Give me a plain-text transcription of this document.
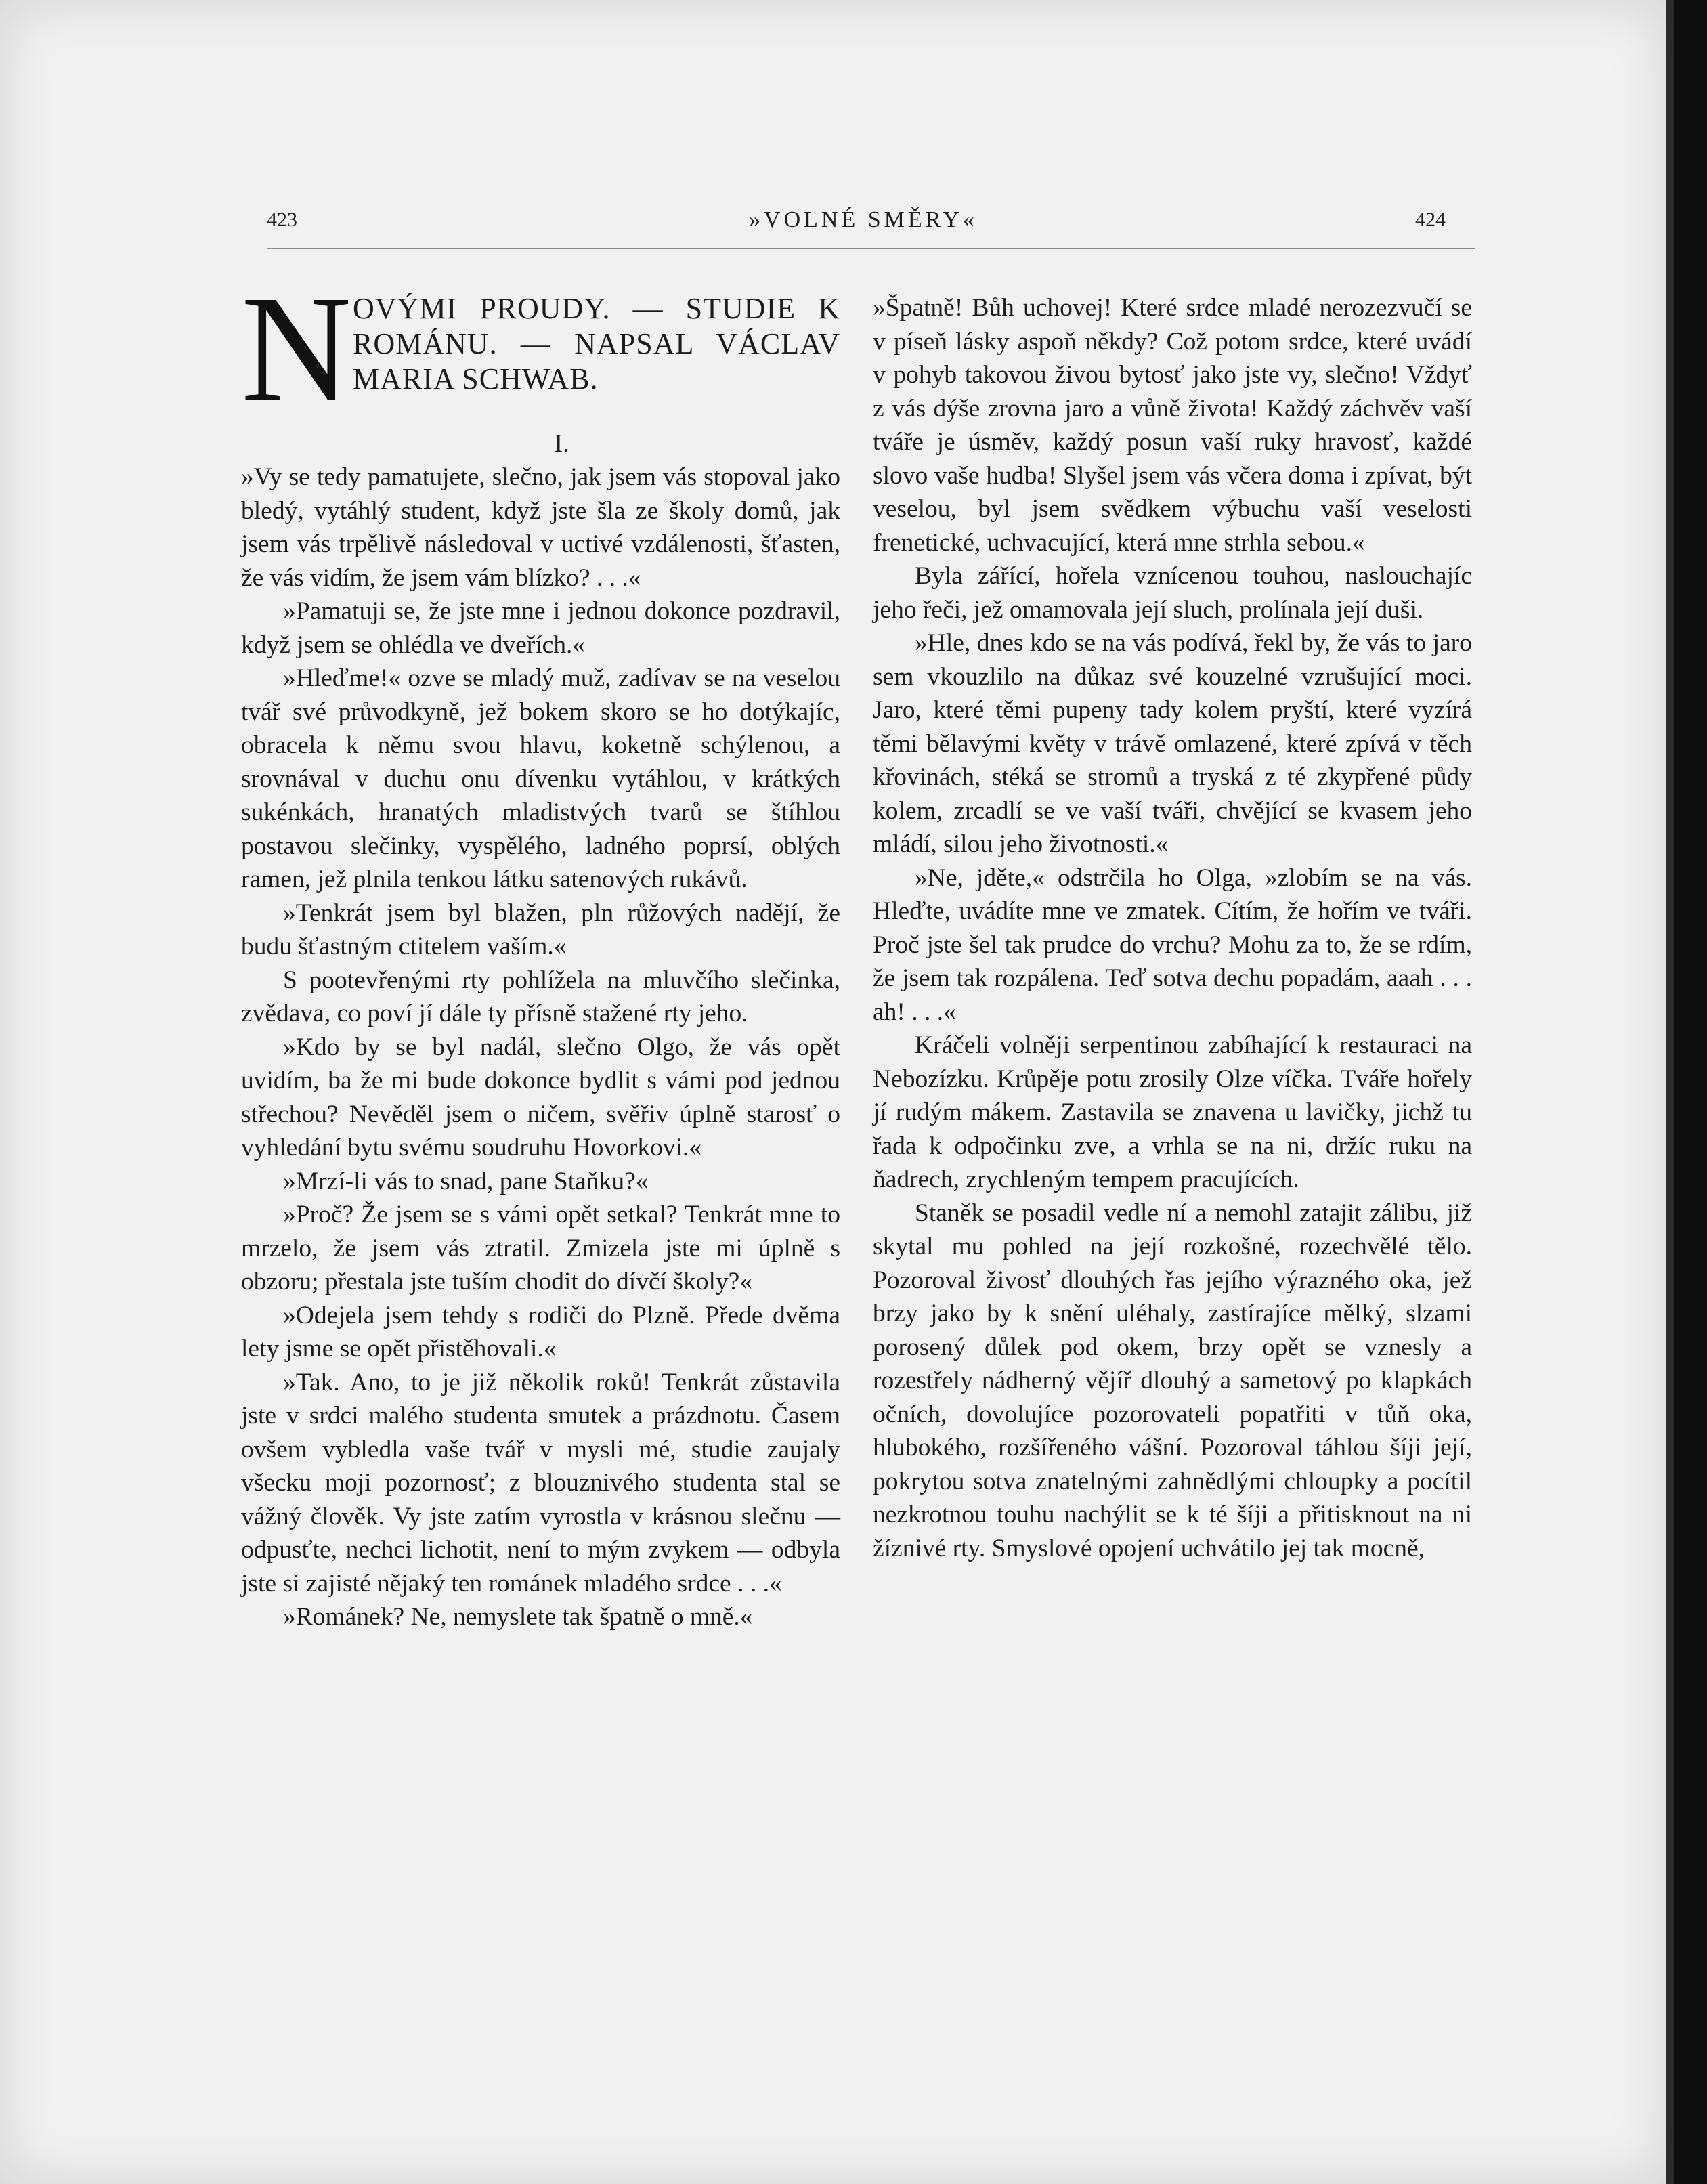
423	»VOLNÉ SMĚRY«	424
N OVÝMI PROUDY. — STUDIE K ROMÁNU. — NAPSAL VÁCLAV MARIA SCHWAB.

I.

»Vy se tedy pamatujete, slečno, jak jsem vás stopoval jako bledý, vytáhlý student, když jste šla ze školy domů, jak jsem vás trpělivě následoval v uctivé vzdálenosti, šťasten, že vás vidím, že jsem vám blízko? . . .«

»Pamatuji se, že jste mne i jednou dokonce pozdravil, když jsem se ohlédla ve dveřích.«

»Hleďme!« ozve se mladý muž, zadívav se na veselou tvář své průvodkyně, jež bokem skoro se ho dotýkajíc, obracela k němu svou hlavu, koketně schýlenou, a srovnával v duchu onu dívenku vytáhlou, v krátkých sukénkách, hranatých mladistvých tvarů se štíhlou postavou slečinky, vyspělého, ladného poprsí, oblých ramen, jež plnila tenkou látku satenových rukávů.

»Tenkrát jsem byl blažen, pln růžových nadějí, že budu šťastným ctitelem vaším.«

S pootevřenými rty pohlížela na mluvčího slečinka, zvědava, co poví jí dále ty přísně stažené rty jeho.

»Kdo by se byl nadál, slečno Olgo, že vás opět uvidím, ba že mi bude dokonce bydlit s vámi pod jednou střechou? Nevěděl jsem o ničem, svěřiv úplně starosť o vyhledání bytu svému soudruhu Hovorkovi.«

»Mrzí-li vás to snad, pane Staňku?«

»Proč? Že jsem se s vámi opět setkal? Tenkrát mne to mrzelo, že jsem vás ztratil. Zmizela jste mi úplně s obzoru; přestala jste tuším chodit do dívčí školy?«

»Odejela jsem tehdy s rodiči do Plzně. Přede dvěma lety jsme se opět přistěhovali.«

»Tak. Ano, to je již několik roků! Tenkrát zůstavila jste v srdci malého studenta smutek a prázdnotu. Časem ovšem vybledla vaše tvář v mysli mé, studie zaujaly všecku moji pozornosť; z blouznivého studenta stal se vážný člověk. Vy jste zatím vyrostla v krásnou slečnu — odpusťte, nechci lichotit, není to mým zvykem — odbyla jste si zajisté nějaký ten románek mladého srdce . . .«

»Románek? Ne, nemyslete tak špatně o mně.«

»Špatně! Bůh uchovej! Které srdce mladé nerozezvučí se v píseň lásky aspoň někdy? Což potom srdce, které uvádí v pohyb takovou živou bytosť jako jste vy, slečno! Vždyť z vás dýše zrovna jaro a vůně života! Každý záchvěv vaší tváře je úsměv, každý posun vaší ruky hravosť, každé slovo vaše hudba! Slyšel jsem vás včera doma i zpívat, být veselou, byl jsem svědkem výbuchu vaší veselosti frenetické, uchvacující, která mne strhla sebou.«

Byla zářící, hořela vznícenou touhou, naslouchajíc jeho řeči, jež omamovala její sluch, prolínala její duši.

»Hle, dnes kdo se na vás podívá, řekl by, že vás to jaro sem vkouzlilo na důkaz své kouzelné vzrušující moci. Jaro, které těmi pupeny tady kolem pryští, které vyzírá těmi bělavými květy v trávě omlazené, které zpívá v těch křovinách, stéká se stromů a tryská z té zkypřené půdy kolem, zrcadlí se ve vaší tváři, chvějící se kvasem jeho mládí, silou jeho životnosti.«

»Ne, jděte,« odstrčila ho Olga, »zlobím se na vás. Hleďte, uvádíte mne ve zmatek. Cítím, že hořím ve tváři. Proč jste šel tak prudce do vrchu? Mohu za to, že se rdím, že jsem tak rozpálena. Teď sotva dechu popadám, aaah . . . ah! . . .«

Kráčeli volněji serpentinou zabíhající k restauraci na Nebozízku. Krůpěje potu zrosily Olze víčka. Tváře hořely jí rudým mákem. Zastavila se znavena u lavičky, jichž tu řada k odpočinku zve, a vrhla se na ni, držíc ruku na ňadrech, zrychleným tempem pracujících.

Staněk se posadil vedle ní a nemohl zatajit zálibu, již skytal mu pohled na její rozkošné, rozechvělé tělo. Pozoroval živosť dlouhých řas jejího výrazného oka, jež brzy jako by k snění uléhaly, zastírajíce mělký, slzami porosený důlek pod okem, brzy opět se vznesly a rozestřely nádherný vějíř dlouhý a sametový po klapkách očních, dovolujíce pozorovateli popatřiti v tůň oka, hlubokého, rozšířeného vášní. Pozoroval táhlou šíji její, pokrytou sotva znatelnými zahnědlými chloupky a pocítil nezkrotnou touhu nachýlit se k té šíji a přitisknout na ni žíznivé rty. Smyslové opojení uchvátilo jej tak mocně,
